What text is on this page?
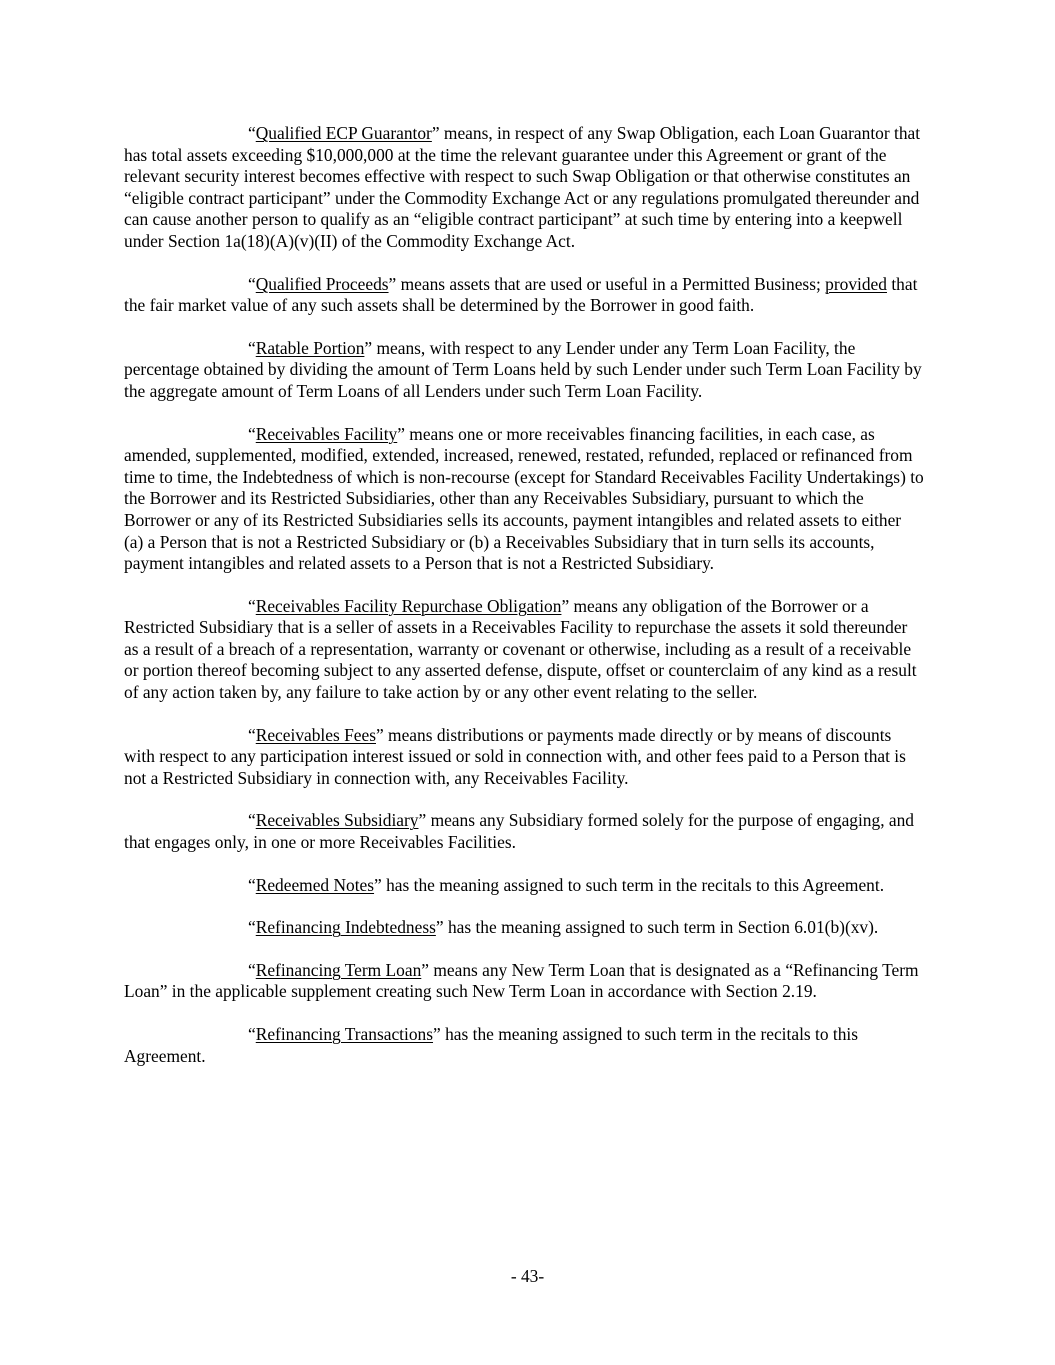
“Qualified ECP Guarantor” means, in respect of any Swap Obligation, each Loan Guarantor that has total assets exceeding $10,000,000 at the time the relevant guarantee under this Agreement or grant of the relevant security interest becomes effective with respect to such Swap Obligation or that otherwise constitutes an “eligible contract participant” under the Commodity Exchange Act or any regulations promulgated thereunder and can cause another person to qualify as an “eligible contract participant” at such time by entering into a keepwell under Section 1a(18)(A)(v)(II) of the Commodity Exchange Act.

“Qualified Proceeds” means assets that are used or useful in a Permitted Business; provided that the fair market value of any such assets shall be determined by the Borrower in good faith.

“Ratable Portion” means, with respect to any Lender under any Term Loan Facility, the percentage obtained by dividing the amount of Term Loans held by such Lender under such Term Loan Facility by the aggregate amount of Term Loans of all Lenders under such Term Loan Facility.

“Receivables Facility” means one or more receivables financing facilities, in each case, as amended, supplemented, modified, extended, increased, renewed, restated, refunded, replaced or refinanced from time to time, the Indebtedness of which is non-recourse (except for Standard Receivables Facility Undertakings) to the Borrower and its Restricted Subsidiaries, other than any Receivables Subsidiary, pursuant to which the Borrower or any of its Restricted Subsidiaries sells its accounts, payment intangibles and related assets to either (a) a Person that is not a Restricted Subsidiary or (b) a Receivables Subsidiary that in turn sells its accounts, payment intangibles and related assets to a Person that is not a Restricted Subsidiary.

“Receivables Facility Repurchase Obligation” means any obligation of the Borrower or a Restricted Subsidiary that is a seller of assets in a Receivables Facility to repurchase the assets it sold thereunder as a result of a breach of a representation, warranty or covenant or otherwise, including as a result of a receivable or portion thereof becoming subject to any asserted defense, dispute, offset or counterclaim of any kind as a result of any action taken by, any failure to take action by or any other event relating to the seller.

“Receivables Fees” means distributions or payments made directly or by means of discounts with respect to any participation interest issued or sold in connection with, and other fees paid to a Person that is not a Restricted Subsidiary in connection with, any Receivables Facility.

“Receivables Subsidiary” means any Subsidiary formed solely for the purpose of engaging, and that engages only, in one or more Receivables Facilities.

“Redeemed Notes” has the meaning assigned to such term in the recitals to this Agreement.

“Refinancing Indebtedness” has the meaning assigned to such term in Section 6.01(b)(xv).

“Refinancing Term Loan” means any New Term Loan that is designated as a “Refinancing Term Loan” in the applicable supplement creating such New Term Loan in accordance with Section 2.19.

“Refinancing Transactions” has the meaning assigned to such term in the recitals to this Agreement.

- 43-
